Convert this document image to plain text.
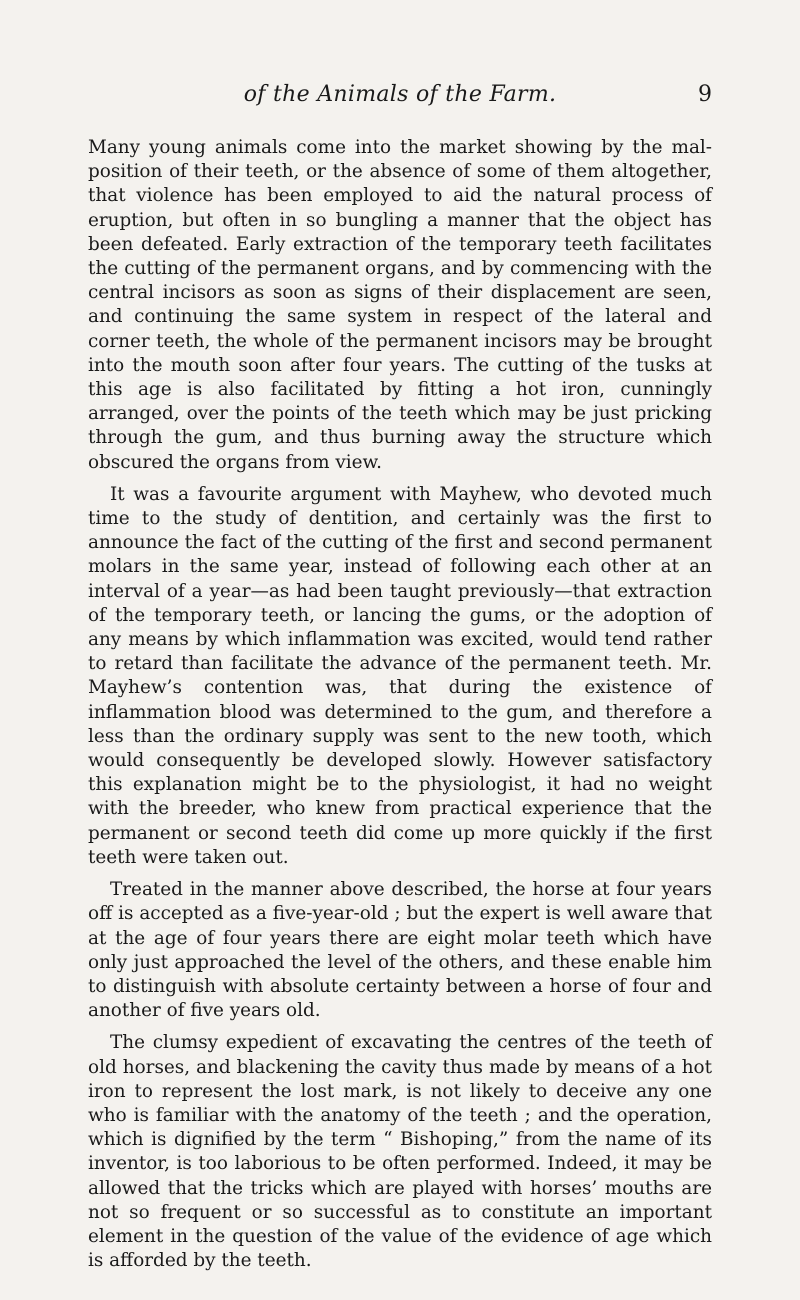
of the Animals of the Farm.	9

Many young animals come into the market showing by the mal-position of their teeth, or the absence of some of them altogether, that violence has been employed to aid the natural process of eruption, but often in so bungling a manner that the object has been defeated. Early extraction of the temporary teeth facilitates the cutting of the permanent organs, and by commencing with the central incisors as soon as signs of their displacement are seen, and continuing the same system in respect of the lateral and corner teeth, the whole of the permanent incisors may be brought into the mouth soon after four years. The cutting of the tusks at this age is also facilitated by fitting a hot iron, cunningly arranged, over the points of the teeth which may be just pricking through the gum, and thus burning away the structure which obscured the organs from view.

It was a favourite argument with Mayhew, who devoted much time to the study of dentition, and certainly was the first to announce the fact of the cutting of the first and second permanent molars in the same year, instead of following each other at an interval of a year—as had been taught previously—that extraction of the temporary teeth, or lancing the gums, or the adoption of any means by which inflammation was excited, would tend rather to retard than facilitate the advance of the permanent teeth. Mr. Mayhew’s contention was, that during the existence of inflammation blood was determined to the gum, and therefore a less than the ordinary supply was sent to the new tooth, which would consequently be developed slowly. However satisfactory this explanation might be to the physiologist, it had no weight with the breeder, who knew from practical experience that the permanent or second teeth did come up more quickly if the first teeth were taken out.

Treated in the manner above described, the horse at four years off is accepted as a five-year-old ; but the expert is well aware that at the age of four years there are eight molar teeth which have only just approached the level of the others, and these enable him to distinguish with absolute certainty between a horse of four and another of five years old.

The clumsy expedient of excavating the centres of the teeth of old horses, and blackening the cavity thus made by means of a hot iron to represent the lost mark, is not likely to deceive any one who is familiar with the anatomy of the teeth ; and the operation, which is dignified by the term “ Bishoping,” from the name of its inventor, is too laborious to be often performed. Indeed, it may be allowed that the tricks which are played with horses’ mouths are not so frequent or so successful as to constitute an important element in the question of the value of the evidence of age which is afforded by the teeth.
